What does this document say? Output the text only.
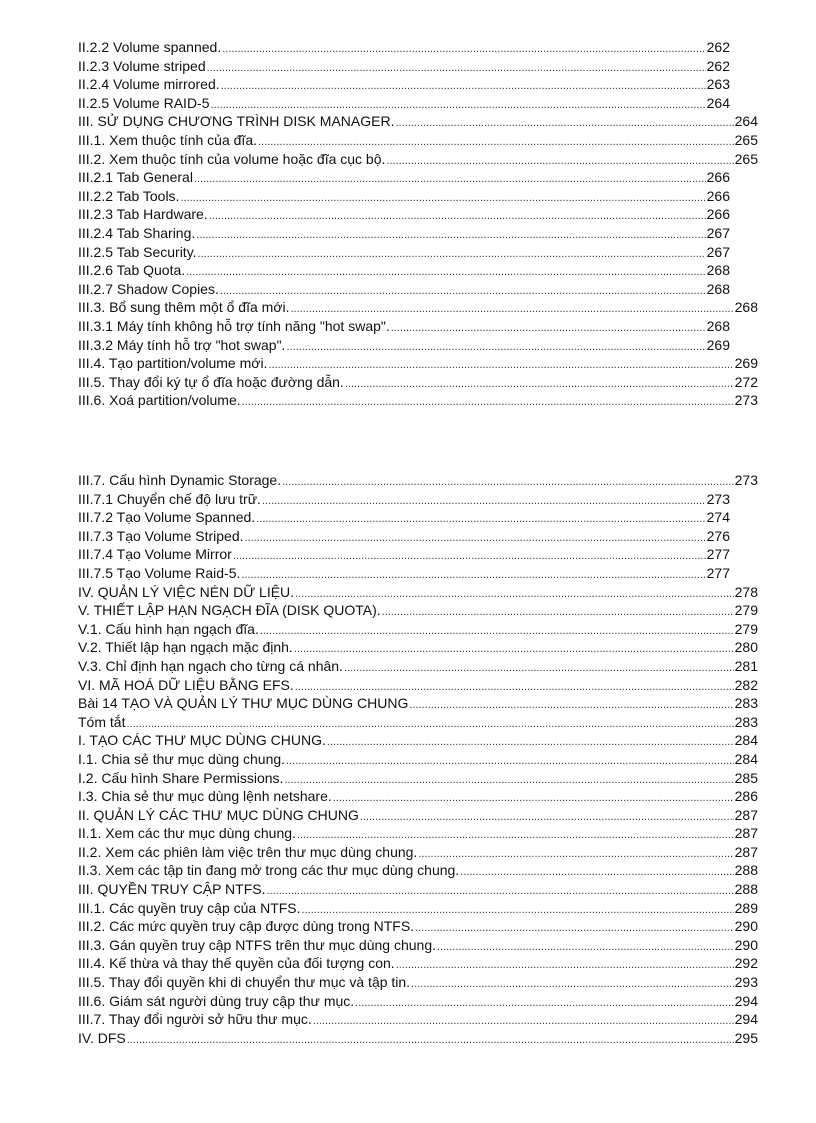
II.2.2 Volume spanned. .....	262
II.2.3 Volume striped .....	262
II.2.4 Volume mirrored. .....	263
II.2.5 Volume RAID-5 .....	264
III. SỬ DỤNG CHƯƠNG TRÌNH DISK MANAGER. .....	264
III.1. Xem thuộc tính của đĩa. .....	265
III.2. Xem thuộc tính của volume hoặc đĩa cục bộ. .....	265
III.2.1 Tab General .....	266
III.2.2 Tab Tools. .....	266
III.2.3 Tab Hardware. .....	266
III.2.4 Tab Sharing. .....	267
III.2.5 Tab Security. .....	267
III.2.6 Tab Quota. .....	268
III.2.7 Shadow Copies. .....	268
III.3. Bổ sung thêm một ổ đĩa mới. .....	268
III.3.1 Máy tính không hỗ trợ tính năng "hot swap". .....	268
III.3.2 Máy tính hỗ trợ "hot swap". .....	269
III.4. Tạo partition/volume mới. .....	269
III.5. Thay đổi ký tự ổ đĩa hoặc đường dẫn. .....	272
III.6. Xoá partition/volume. .....	273
III.7. Cấu hình Dynamic Storage. .....	273
III.7.1 Chuyển chế độ lưu trữ. .....	273
III.7.2 Tạo Volume Spanned. .....	274
III.7.3 Tạo Volume Striped. .....	276
III.7.4 Tạo Volume Mirror .....	277
III.7.5 Tạo Volume Raid-5. .....	277
IV. QUẢN LÝ VIỆC NÉN DỮ LIỆU. .....	278
V. THIẾT LẬP HẠN NGẠCH ĐĨA (DISK QUOTA). .....	279
V.1. Cấu hình hạn ngạch đĩa. .....	279
V.2. Thiết lập hạn ngạch mặc định. .....	280
V.3. Chỉ định hạn ngạch cho từng cá nhân. .....	281
VI. MÃ HOÁ DỮ LIỆU BẰNG EFS. .....	282
Bài 14 TẠO VÀ QUẢN LÝ THƯ MỤC DÙNG CHUNG .....	283
Tóm tắt .....	283
I. TẠO CÁC THƯ MỤC DÙNG CHUNG. .....	284
I.1. Chia sẻ thư mục dùng chung. .....	284
I.2. Cấu hình Share Permissions. .....	285
I.3. Chia sẻ thư mục dùng lệnh netshare. .....	286
II. QUẢN LÝ CÁC THƯ MỤC DÙNG CHUNG .....	287
II.1. Xem các thư mục dùng chung. .....	287
II.2. Xem các phiên làm việc trên thư mục dùng chung. .....	287
II.3. Xem các tập tin đang mở trong các thư mục dùng chung. .....	288
III. QUYỀN TRUY CẬP NTFS. .....	288
III.1. Các quyền truy cập của NTFS. .....	289
III.2. Các mức quyền truy cập được dùng trong NTFS. .....	290
III.3. Gán quyền truy cập NTFS trên thư mục dùng chung. .....	290
III.4. Kế thừa và thay thế quyền của đối tượng con. .....	292
III.5. Thay đổi quyền khi di chuyển thư mục và tập tin. .....	293
III.6. Giám sát người dùng truy cập thư mục. .....	294
III.7. Thay đổi người sở hữu thư mục. .....	294
IV. DFS .....	295
